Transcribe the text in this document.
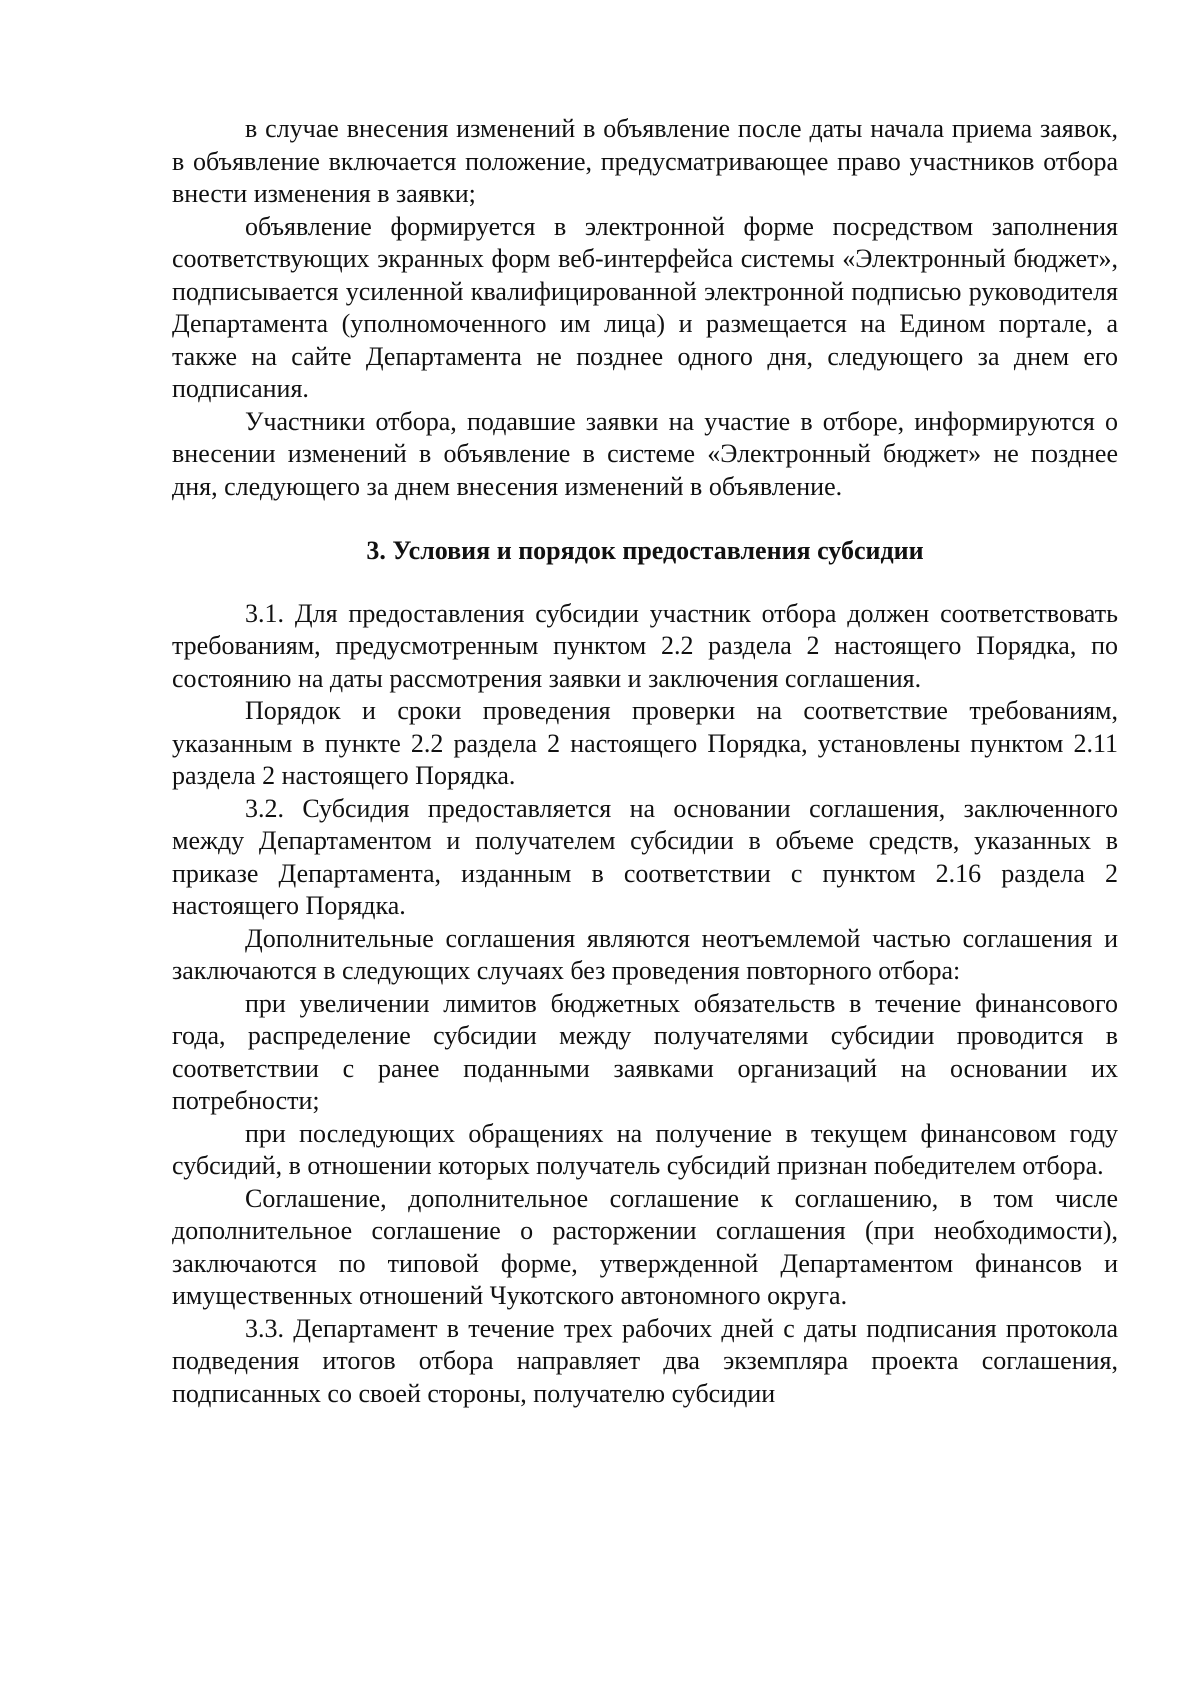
в случае внесения изменений в объявление после даты начала приема заявок, в объявление включается положение, предусматривающее право участников отбора внести изменения в заявки;

объявление формируется в электронной форме посредством заполнения соответствующих экранных форм веб-интерфейса системы «Электронный бюджет», подписывается усиленной квалифицированной электронной подписью руководителя Департамента (уполномоченного им лица) и размещается на Едином портале, а также на сайте Департамента не позднее одного дня, следующего за днем его подписания.

Участники отбора, подавшие заявки на участие в отборе, информируются о внесении изменений в объявление в системе «Электронный бюджет» не позднее дня, следующего за днем внесения изменений в объявление.

3. Условия и порядок предоставления субсидии

3.1. Для предоставления субсидии участник отбора должен соответствовать требованиям, предусмотренным пунктом 2.2 раздела 2 настоящего Порядка, по состоянию на даты рассмотрения заявки и заключения соглашения.

Порядок и сроки проведения проверки на соответствие требованиям, указанным в пункте 2.2 раздела 2 настоящего Порядка, установлены пунктом 2.11 раздела 2 настоящего Порядка.

3.2. Субсидия предоставляется на основании соглашения, заключенного между Департаментом и получателем субсидии в объеме средств, указанных в приказе Департамента, изданным в соответствии с пунктом 2.16 раздела 2 настоящего Порядка.

Дополнительные соглашения являются неотъемлемой частью соглашения и заключаются в следующих случаях без проведения повторного отбора:

при увеличении лимитов бюджетных обязательств в течение финансового года, распределение субсидии между получателями субсидии проводится в соответствии с ранее поданными заявками организаций на основании их потребности;

при последующих обращениях на получение в текущем финансовом году субсидий, в отношении которых получатель субсидий признан победителем отбора.

Соглашение, дополнительное соглашение к соглашению, в том числе дополнительное соглашение о расторжении соглашения (при необходимости), заключаются по типовой форме, утвержденной Департаментом финансов и имущественных отношений Чукотского автономного округа.

3.3. Департамент в течение трех рабочих дней с даты подписания протокола подведения итогов отбора направляет два экземпляра проекта соглашения, подписанных со своей стороны, получателю субсидии
